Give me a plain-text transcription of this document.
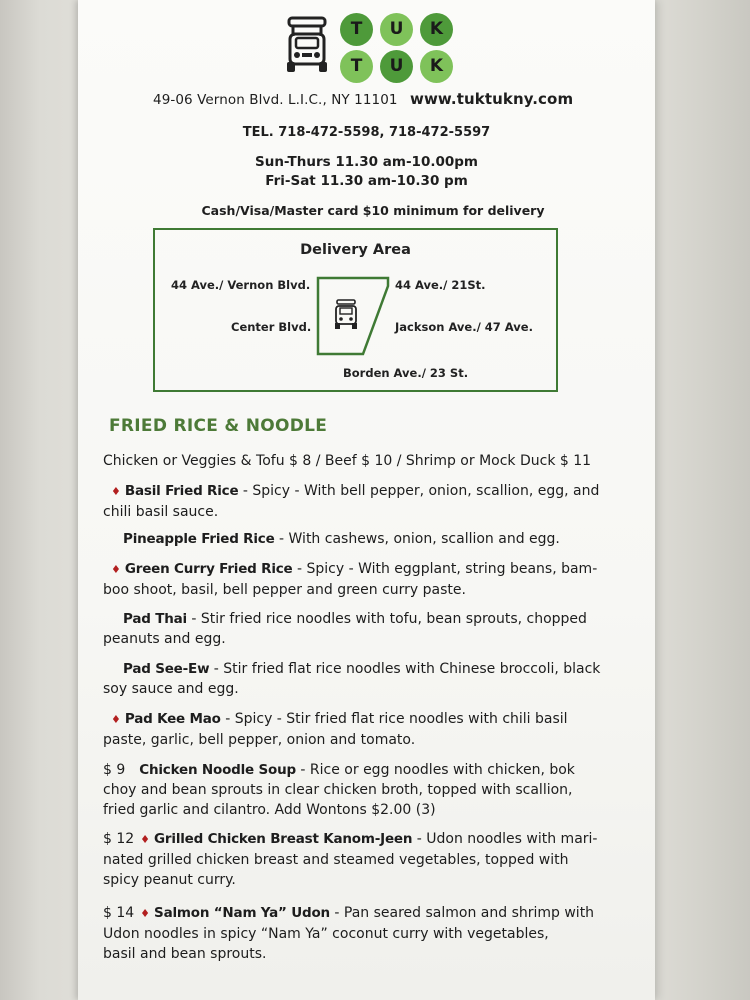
T	U	K
T	U	K
49-06 Vernon Blvd. L.I.C., NY 11101 www.tuktukny.com
TEL. 718-472-5598, 718-472-5597
Sun-Thurs 11.30 am-10.00pm
Fri-Sat 11.30 am-10.30 pm
Cash/Visa/Master card $10 minimum for delivery
Delivery Area
44 Ave./ Vernon Blvd.	44 Ave./ 21St.
Center Blvd.	Jackson Ave./ 47 Ave.
Borden Ave./ 23 St.
FRIED RICE & NOODLE
Chicken or Veggies & Tofu $ 8 / Beef $ 10 / Shrimp or Mock Duck $ 11
♦ Basil Fried Rice - Spicy - With bell pepper, onion, scallion, egg, and
chili basil sauce.
Pineapple Fried Rice - With cashews, onion, scallion and egg.
♦ Green Curry Fried Rice - Spicy - With eggplant, string beans, bam-
boo shoot, basil, bell pepper and green curry paste.
Pad Thai - Stir fried rice noodles with tofu, bean sprouts, chopped
peanuts and egg.
Pad See-Ew - Stir fried flat rice noodles with Chinese broccoli, black
soy sauce and egg.
♦ Pad Kee Mao - Spicy - Stir fried flat rice noodles with chili basil
paste, garlic, bell pepper, onion and tomato.
$ 9 Chicken Noodle Soup - Rice or egg noodles with chicken, bok
choy and bean sprouts in clear chicken broth, topped with scallion,
fried garlic and cilantro. Add Wontons $2.00 (3)
$ 12 ♦ Grilled Chicken Breast Kanom-Jeen - Udon noodles with mari-
nated grilled chicken breast and steamed vegetables, topped with
spicy peanut curry.
$ 14 ♦ Salmon “Nam Ya” Udon - Pan seared salmon and shrimp with
Udon noodles in spicy “Nam Ya” coconut curry with vegetables,
basil and bean sprouts.
